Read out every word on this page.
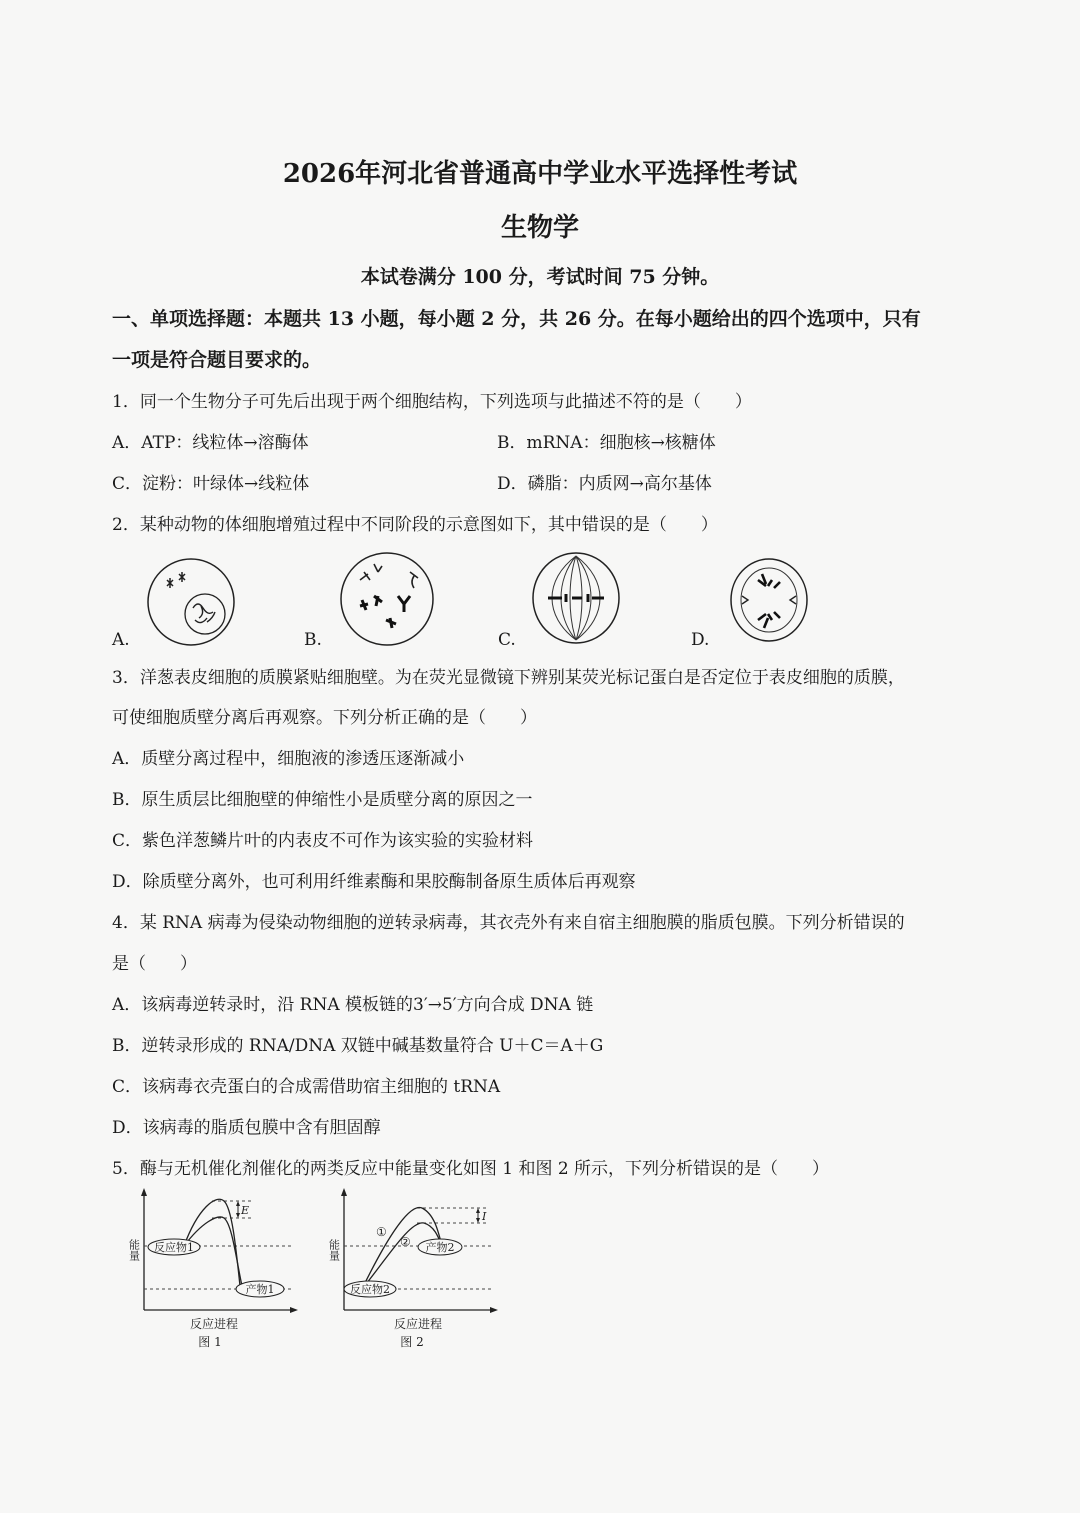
2026年河北省普通高中学业水平选择性考试
生物学
本试卷满分 100 分，考试时间 75 分钟。
一、单项选择题：本题共 13 小题，每小题 2 分，共 26 分。在每小题给出的四个选项中，只有
一项是符合题目要求的。
1．同一个生物分子可先后出现于两个细胞结构，下列选项与此描述不符的是（　　）
A．ATP：线粒体→溶酶体	B．mRNA：细胞核→核糖体
C．淀粉：叶绿体→线粒体	D．磷脂：内质网→高尔基体
2．某种动物的体细胞增殖过程中不同阶段的示意图如下，其中错误的是（　　）
A.	B.	C.	D.
3．洋葱表皮细胞的质膜紧贴细胞壁。为在荧光显微镜下辨别某荧光标记蛋白是否定位于表皮细胞的质膜，
可使细胞质壁分离后再观察。下列分析正确的是（　　）
A．质壁分离过程中，细胞液的渗透压逐渐减小
B．原生质层比细胞壁的伸缩性小是质壁分离的原因之一
C．紫色洋葱鳞片叶的内表皮不可作为该实验的实验材料
D．除质壁分离外，也可利用纤维素酶和果胶酶制备原生质体后再观察
4．某 RNA 病毒为侵染动物细胞的逆转录病毒，其衣壳外有来自宿主细胞膜的脂质包膜。下列分析错误的
是（　　）
A．该病毒逆转录时，沿 RNA 模板链的3′→5′方向合成 DNA 链
B．逆转录形成的 RNA/DNA 双链中碱基数量符合 U＋C＝A＋G
C．该病毒衣壳蛋白的合成需借助宿主细胞的 tRNA
D．该病毒的脂质包膜中含有胆固醇
5．酶与无机催化剂催化的两类反应中能量变化如图 1 和图 2 所示，下列分析错误的是（　　）
E
反应物1
产物1
能量
反应进程
图 1
①
②
I
产物2
反应物2
能量
反应进程
图 2
